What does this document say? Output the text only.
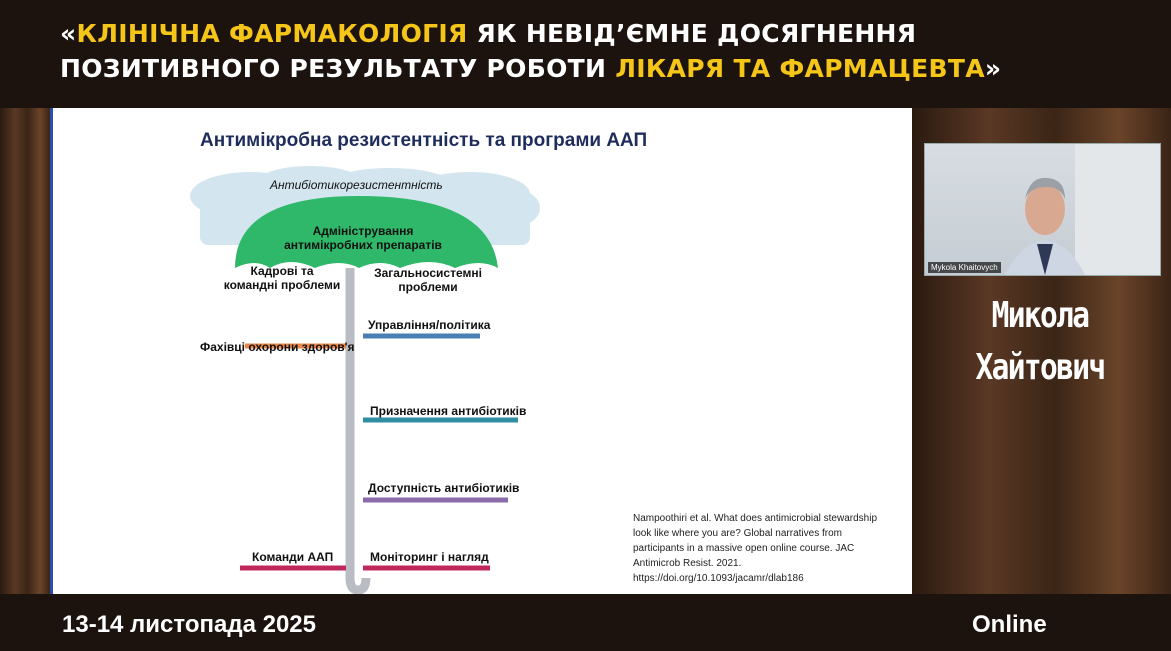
«КЛІНІЧНА ФАРМАКОЛОГІЯ ЯК НЕВІД’ЄМНЕ ДОСЯГНЕННЯ
ПОЗИТИВНОГО РЕЗУЛЬТАТУ РОБОТИ ЛІКАРЯ ТА ФАРМАЦЕВТА»
Антимікробна резистентність та програми ААП
Антибіотикорезистентність
Адміністрування антимікробних препаратів
Кадрові та командні проблеми
Загальносистемні проблеми
Управління/політика
Фахівці охорони здоров'я
Призначення антибіотиків
Доступність антибіотиків
Моніторинг і нагляд
Команди ААП
Nampoothiri et al. What does antimicrobial stewardship
look like where you are? Global narratives from
participants in a massive open online course. JAC
Antimicrob Resist. 2021.
https://doi.org/10.1093/jacamr/dlab186
Mykola Khaitovych
Микола
Хайтович
13-14 листопада 2025	Online
